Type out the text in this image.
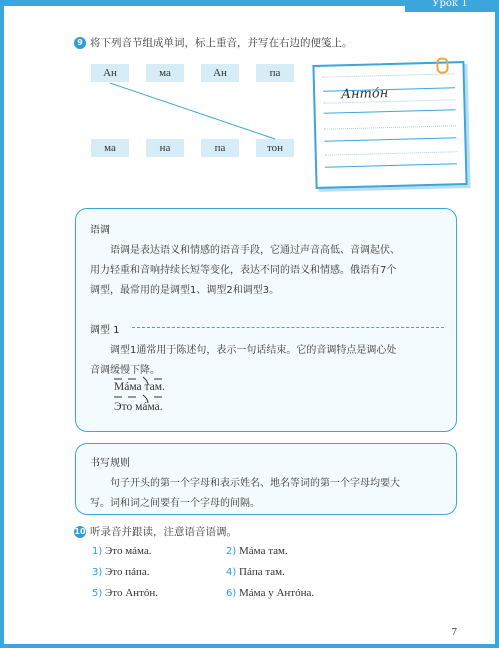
Урок 1
9 将下列音节组成单词，标上重音，并写在右边的便笺上。
Ан	ма	Ан	па
ма	на	па	тон
Антóн
语调
语调是表达语义和情感的语音手段，它通过声音高低、音调起伏、
用力轻重和音响持续长短等变化，表达不同的语义和情感。俄语有7个
调型，最常用的是调型1、调型2和调型3。
调型 1
调型1通常用于陈述句，表示一句话结束。它的音调特点是调心处
音调缓慢下降。
Мáма там.
Это мáма.
书写规则
句子开头的第一个字母和表示姓名、地名等词的第一个字母均要大
写。词和词之间要有一个字母的间隔。
10 听录音并跟读，注意语音语调。
1) Это мáма.	2) Мáма там.
3) Это пáпа.	4) Пáпа там.
5) Это Антóн.	6) Мáма у Антóна.
7
